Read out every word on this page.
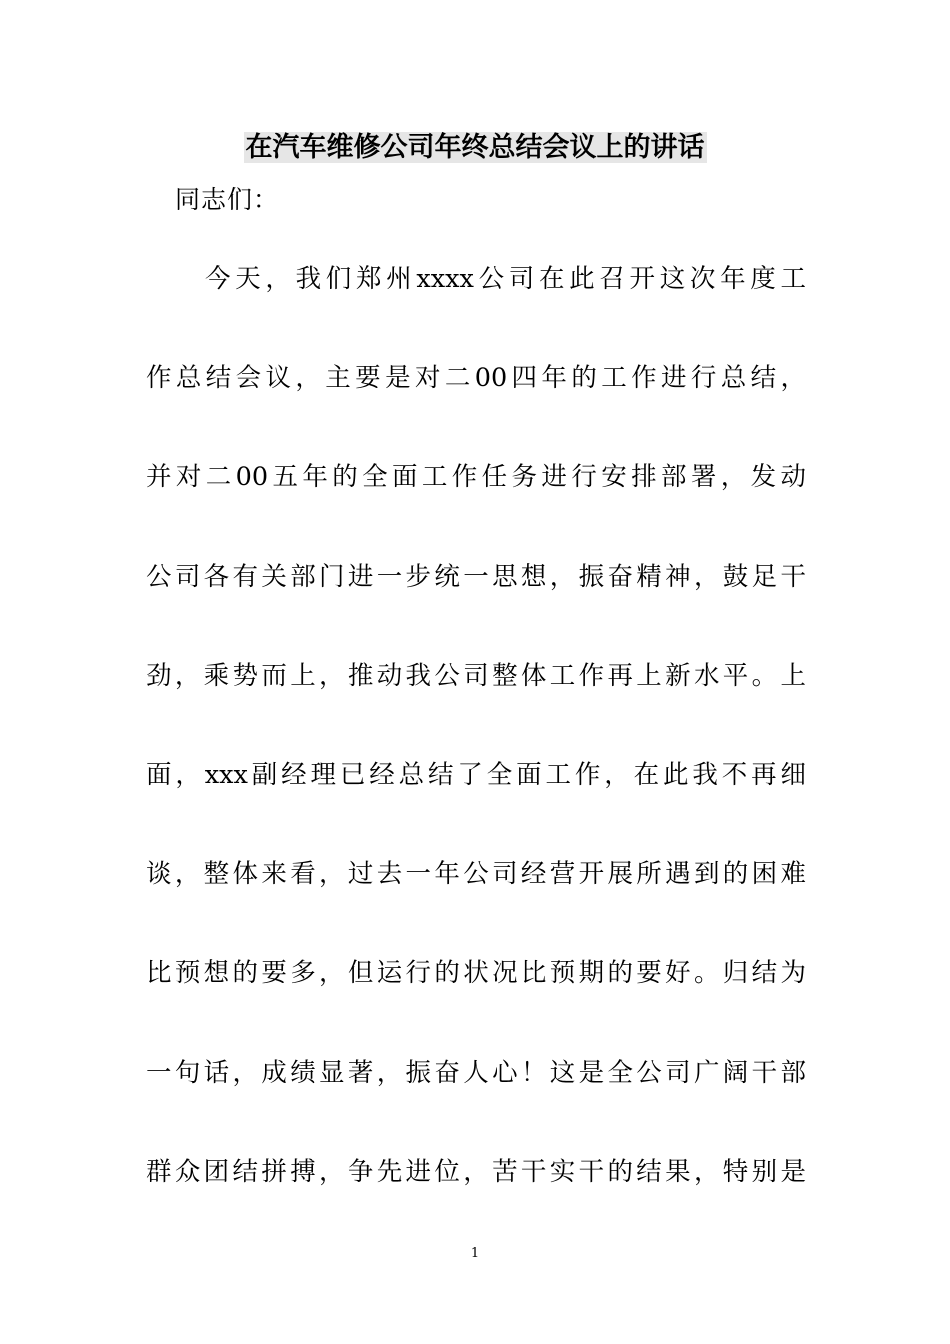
在汽车维修公司年终总结会议上的讲话
同志们：
今天，我们郑州xxxx公司在此召开这次年度工
作总结会议，主要是对二00四年的工作进行总结，
并对二00五年的全面工作任务进行安排部署，发动
公司各有关部门进一步统一思想，振奋精神，鼓足干
劲，乘势而上，推动我公司整体工作再上新水平。上
面，xxx副经理已经总结了全面工作，在此我不再细
谈，整体来看，过去一年公司经营开展所遇到的困难
比预想的要多，但运行的状况比预期的要好。归结为
一句话，成绩显著，振奋人心！这是全公司广阔干部
群众团结拼搏，争先进位，苦干实干的结果，特别是
1
